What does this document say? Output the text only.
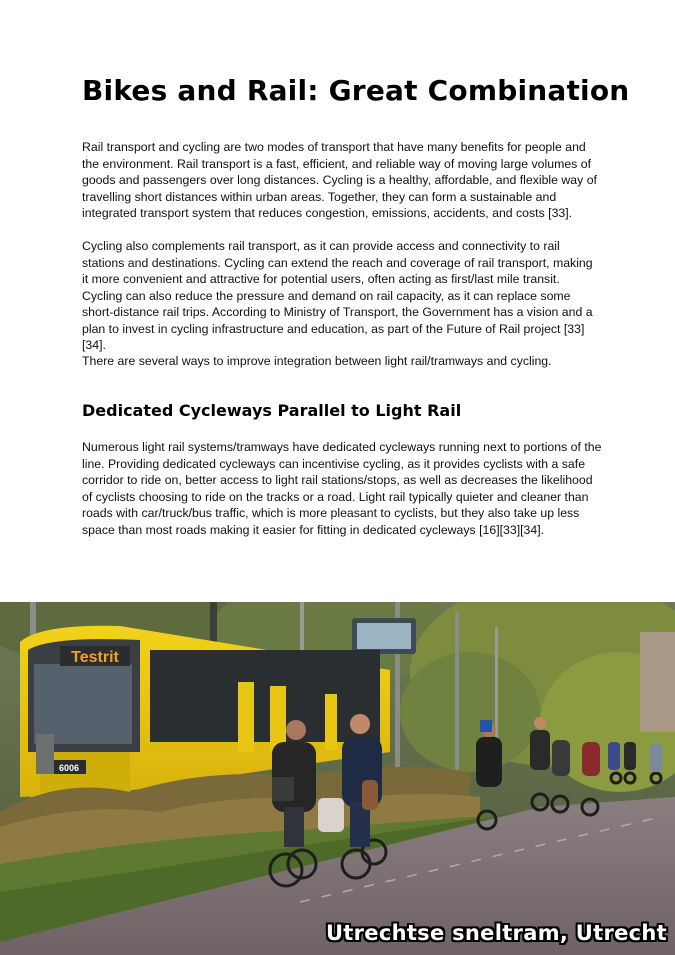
Bikes and Rail: Great Combination

Rail transport and cycling are two modes of transport that have many benefits for people and the environment. Rail transport is a fast, efficient, and reliable way of moving large volumes of goods and passengers over long distances. Cycling is a healthy, affordable, and flexible way of travelling short distances within urban areas. Together, they can form a sustainable and integrated transport system that reduces congestion, emissions, accidents, and costs [33].

Cycling also complements rail transport, as it can provide access and connectivity to rail stations and destinations. Cycling can extend the reach and coverage of rail transport, making it more convenient and attractive for potential users, often acting as first/last mile transit. Cycling can also reduce the pressure and demand on rail capacity, as it can replace some short-distance rail trips. According to Ministry of Transport, the Government has a vision and a plan to invest in cycling infrastructure and education, as part of the Future of Rail project [33][34].

There are several ways to improve integration between light rail/tramways and cycling.

Dedicated Cycleways Parallel to Light Rail

Numerous light rail systems/tramways have dedicated cycleways running next to portions of the line. Providing dedicated cycleways can incentivise cycling, as it provides cyclists with a safe corridor to ride on, better access to light rail stations/stops, as well as decreases the likelihood of cyclists choosing to ride on the tracks or a road. Light rail typically quieter and cleaner than roads with car/truck/bus traffic, which is more pleasant to cyclists, but they also take up less space than most roads making it easier for fitting in dedicated cycleways [16][33][34].

Testrit
6006
Utrechtse sneltram, Utrecht
